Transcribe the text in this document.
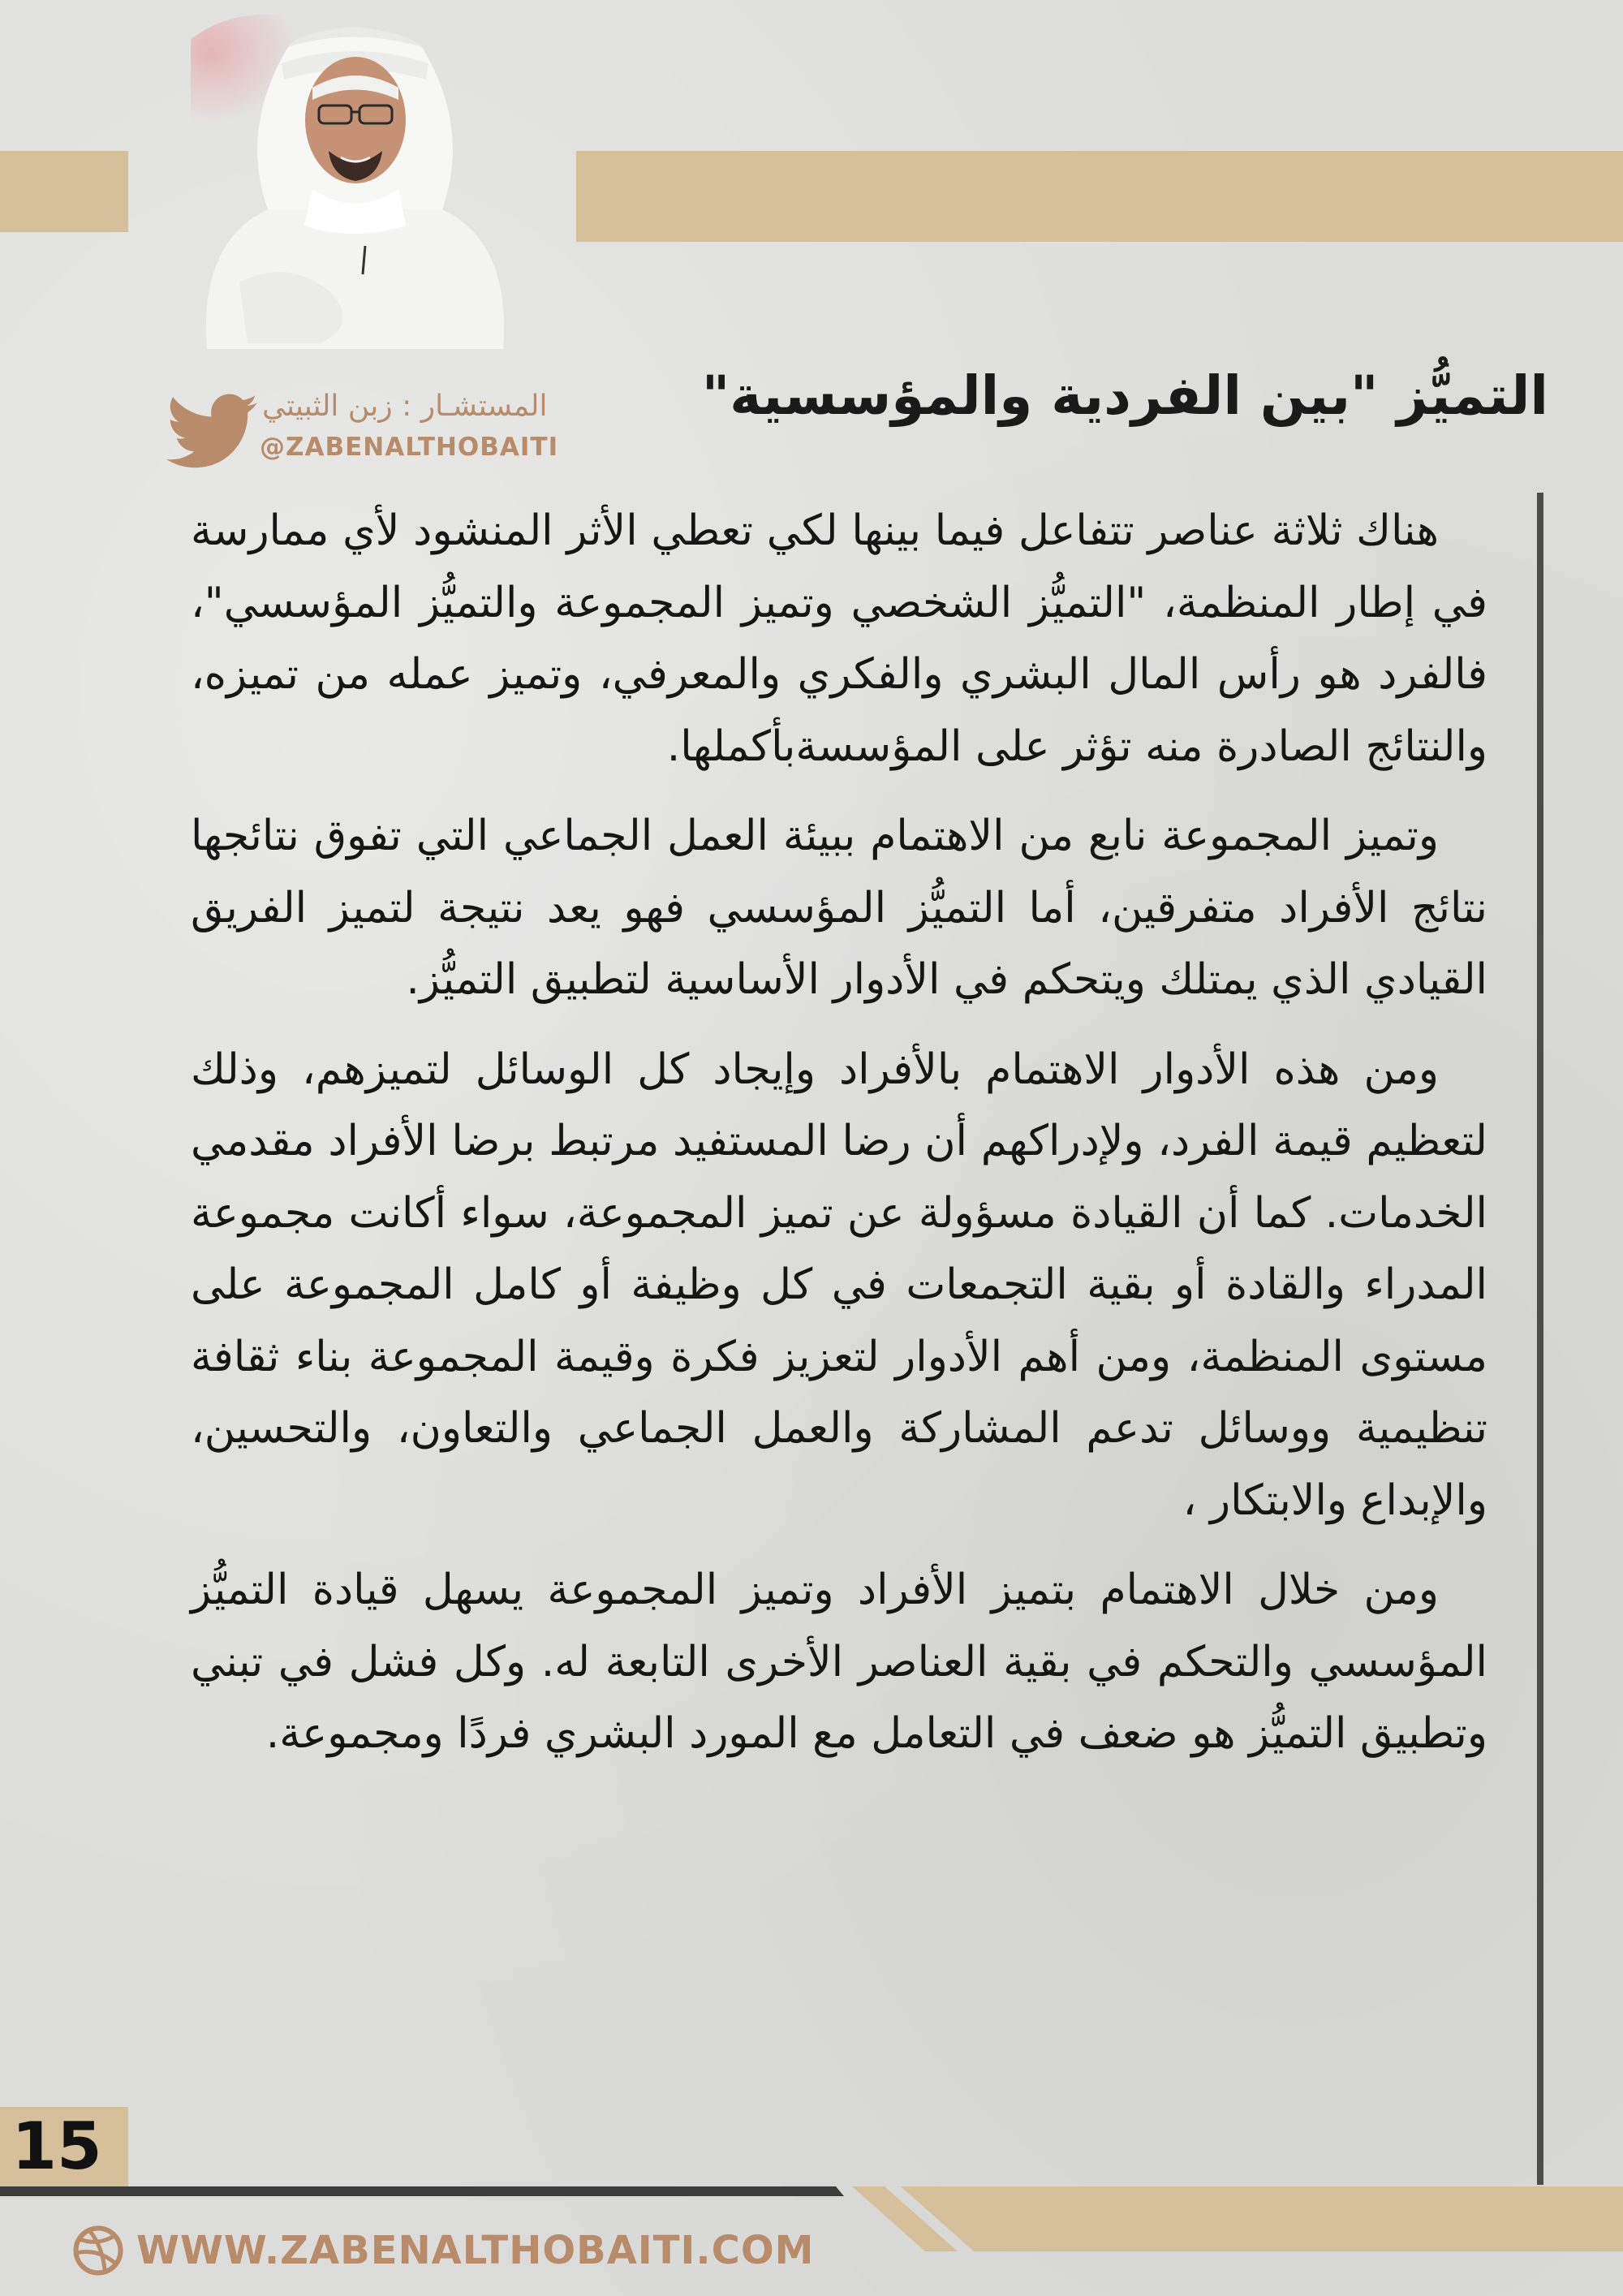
التميُّز "بين الفردية والمؤسسية"
المستشـار : زبن الثبيتي
@ZABENALTHOBAITI

هناك ثلاثة عناصر تتفاعل فيما بينها لكي تعطي الأثر المنشود لأي ممارسة في إطار المنظمة، "التميُّز الشخصي وتميز المجموعة والتميُّز المؤسسي"، فالفرد هو رأس المال البشري والفكري والمعرفي، وتميز عمله من تميزه، والنتائج الصادرة منه تؤثر على المؤسسةبأكملها.

وتميز المجموعة نابع من الاهتمام ببيئة العمل الجماعي التي تفوق نتائجها نتائج الأفراد متفرقين، أما التميُّز المؤسسي فهو يعد نتيجة لتميز الفريق القيادي الذي يمتلك ويتحكم في الأدوار الأساسية لتطبيق التميُّز.

ومن هذه الأدوار الاهتمام بالأفراد وإيجاد كل الوسائل لتميزهم، وذلك لتعظيم قيمة الفرد، ولإدراكهم أن رضا المستفيد مرتبط برضا الأفراد مقدمي الخدمات. كما أن القيادة مسؤولة عن تميز المجموعة، سواء أكانت مجموعة المدراء والقادة أو بقية التجمعات في كل وظيفة أو كامل المجموعة على مستوى المنظمة، ومن أهم الأدوار لتعزيز فكرة وقيمة المجموعة بناء ثقافة تنظيمية ووسائل تدعم المشاركة والعمل الجماعي والتعاون، والتحسين، والإبداع والابتكار ،

ومن خلال الاهتمام بتميز الأفراد وتميز المجموعة يسهل قيادة التميُّز المؤسسي والتحكم في بقية العناصر الأخرى التابعة له. وكل فشل في تبني وتطبيق التميُّز هو ضعف في التعامل مع المورد البشري فردًا ومجموعة.

15
WWW.ZABENALTHOBAITI.COM
